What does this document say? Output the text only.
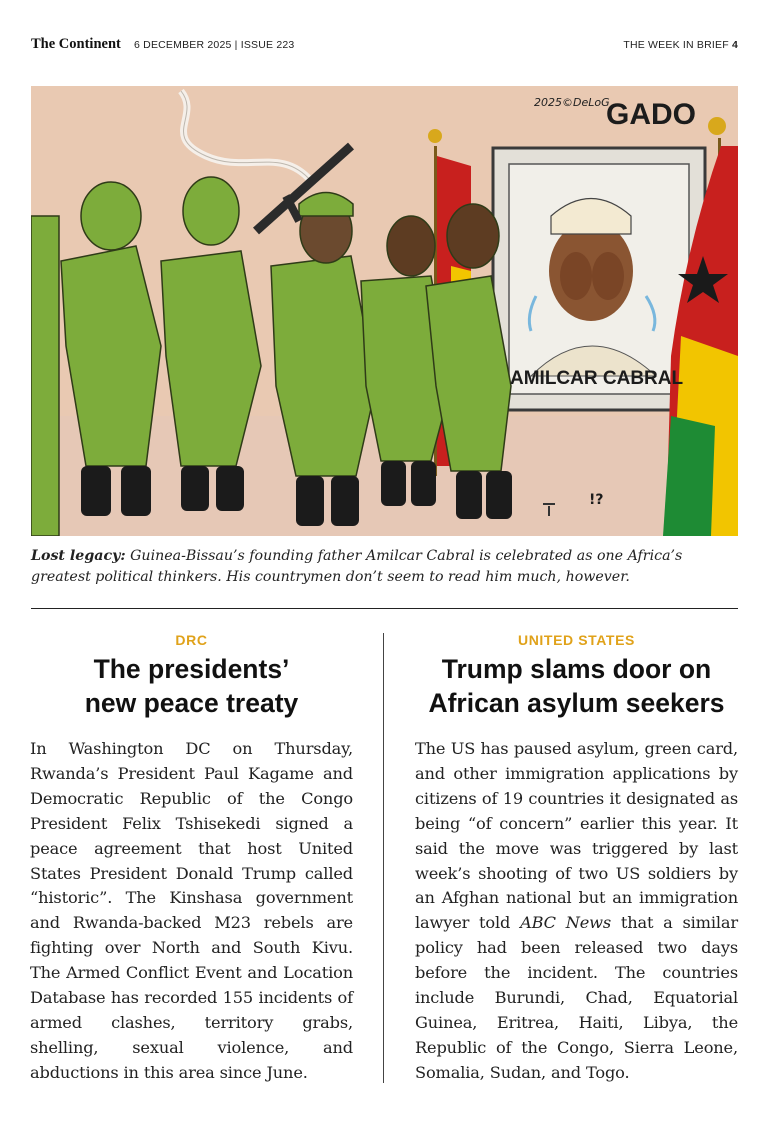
The Continent 6 DECEMBER 2025 | ISSUE 223	THE WEEK IN BRIEF 4
2025©DeLoG
GADO
AMILCAR CABRAL
!?
Lost legacy: Guinea-Bissau’s founding father Amilcar Cabral is celebrated as one Africa’s greatest political thinkers. His countrymen don’t seem to read him much, however.
DRC
The presidents’
new peace treaty

In Washington DC on Thursday, Rwanda’s President Paul Kagame and Democratic Republic of the Congo President Felix Tshisekedi signed a peace agreement that host United States President Donald Trump called “historic”. The Kinshasa government and Rwanda-backed M23 rebels are fighting over North and South Kivu. The Armed Conflict Event and Location Database has recorded 155 incidents of armed clashes, territory grabs, shelling, sexual violence, and abductions in this area since June.

UNITED STATES
Trump slams door on
African asylum seekers

The US has paused asylum, green card, and other immigration applications by citizens of 19 countries it designated as being “of concern” earlier this year. It said the move was triggered by last week’s shooting of two US soldiers by an Afghan national but an immigration lawyer told ABC News that a similar policy had been released two days before the incident. The countries include Burundi, Chad, Equatorial Guinea, Eritrea, Haiti, Libya, the Republic of the Congo, Sierra Leone, Somalia, Sudan, and Togo.
